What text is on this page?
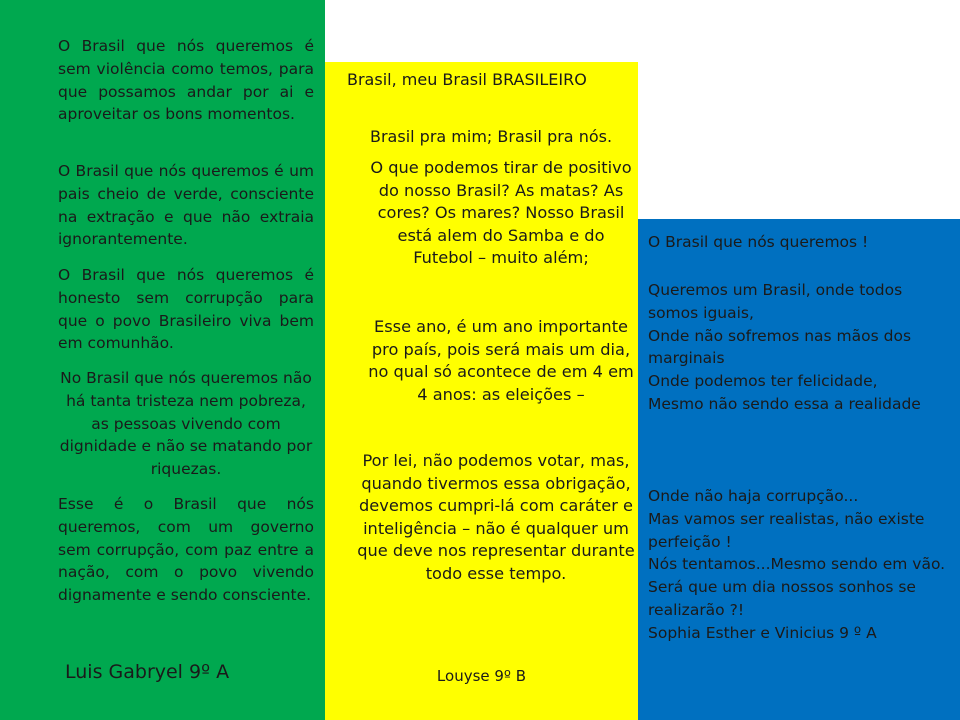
O Brasil que nós queremos é sem violência como temos, para que possamos andar por ai e aproveitar os bons momentos.

O Brasil que nós queremos é um pais cheio de verde, consciente na extração e que não extraia ignorantemente.

O Brasil que nós queremos é honesto sem corrupção para que o povo Brasileiro viva bem em comunhão.

No Brasil que nós queremos não há tanta tristeza nem pobreza, as pessoas vivendo com dignidade e não se matando por riquezas.

Esse é o Brasil que nós queremos, com um governo sem corrupção, com paz entre a nação, com o povo vivendo dignamente e sendo consciente.

Luis Gabryel 9º A

Brasil, meu Brasil BRASILEIRO

Brasil pra mim; Brasil pra nós.

O que podemos tirar de positivo do nosso Brasil? As matas? As cores? Os mares? Nosso Brasil está alem do Samba e do Futebol – muito além;

Esse ano, é um ano importante pro país, pois será mais um dia, no qual só acontece de em 4 em 4 anos: as eleições –

Por lei, não podemos votar, mas, quando tivermos essa obrigação, devemos cumpri-lá com caráter e inteligência – não é qualquer um que deve nos representar durante todo esse tempo.

Louyse 9º B

O Brasil que nós queremos !

Queremos um Brasil, onde todos somos iguais,
Onde não sofremos nas mãos dos marginais
Onde podemos ter felicidade,
Mesmo não sendo essa a realidade
Onde não haja corrupção...
Mas vamos ser realistas, não existe perfeição !
Nós tentamos...Mesmo sendo em vão.
Será que um dia nossos sonhos se realizarão ?!
Sophia Esther e Vinicius 9 º A
